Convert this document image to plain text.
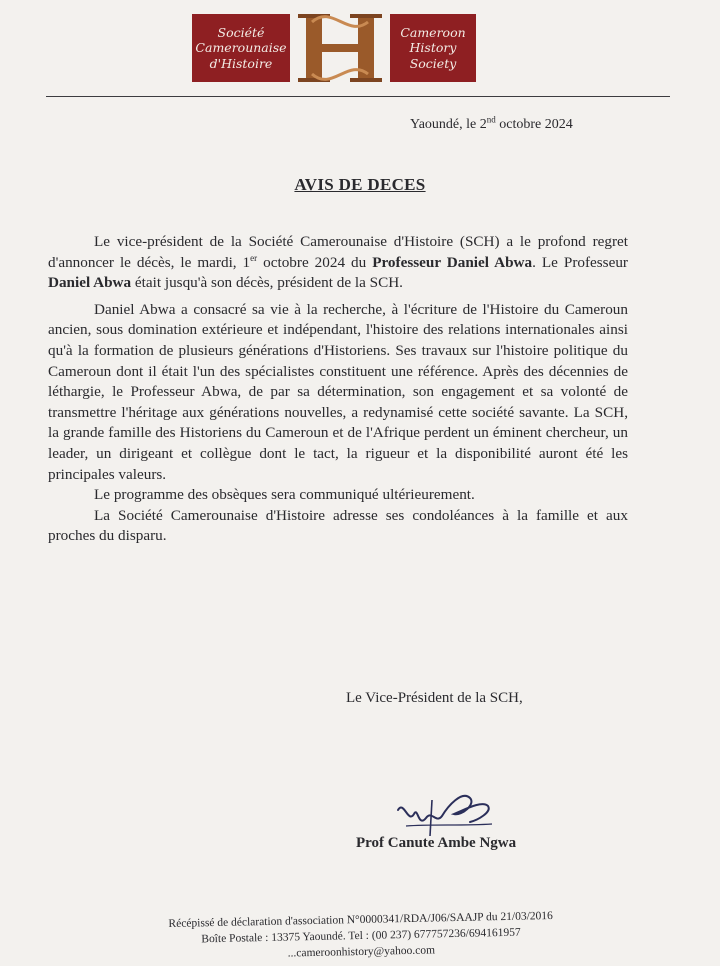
Société
Camerounaise
d'Histoire
Cameroon
History
Society
Yaoundé, le 2nd octobre 2024
AVIS DE DECES

Le vice-président de la Société Camerounaise d'Histoire (SCH) a le profond regret d'annoncer le décès, le mardi, 1er octobre 2024 du Professeur Daniel Abwa. Le Professeur Daniel Abwa était jusqu'à son décès, président de la SCH.

Daniel Abwa a consacré sa vie à la recherche, à l'écriture de l'Histoire du Cameroun ancien, sous domination extérieure et indépendant, l'histoire des relations internationales ainsi qu'à la formation de plusieurs générations d'Historiens. Ses travaux sur l'histoire politique du Cameroun dont il était l'un des spécialistes constituent une référence. Après des décennies de léthargie, le Professeur Abwa, de par sa détermination, son engagement et sa volonté de transmettre l'héritage aux générations nouvelles, a redynamisé cette société savante. La SCH, la grande famille des Historiens du Cameroun et de l'Afrique perdent un éminent chercheur, un leader, un dirigeant et collègue dont le tact, la rigueur et la disponibilité auront été les principales valeurs.

Le programme des obsèques sera communiqué ultérieurement.

La Société Camerounaise d'Histoire adresse ses condoléances à la famille et aux proches du disparu.

Le Vice-Président de la SCH,
Prof Canute Ambe Ngwa
Récépissé de déclaration d'association N°0000341/RDA/J06/SAAJP du 21/03/2016
Boîte Postale : 13375 Yaoundé. Tel : (00 237) 677757236/694161957
...cameroonhistory@yahoo.com
